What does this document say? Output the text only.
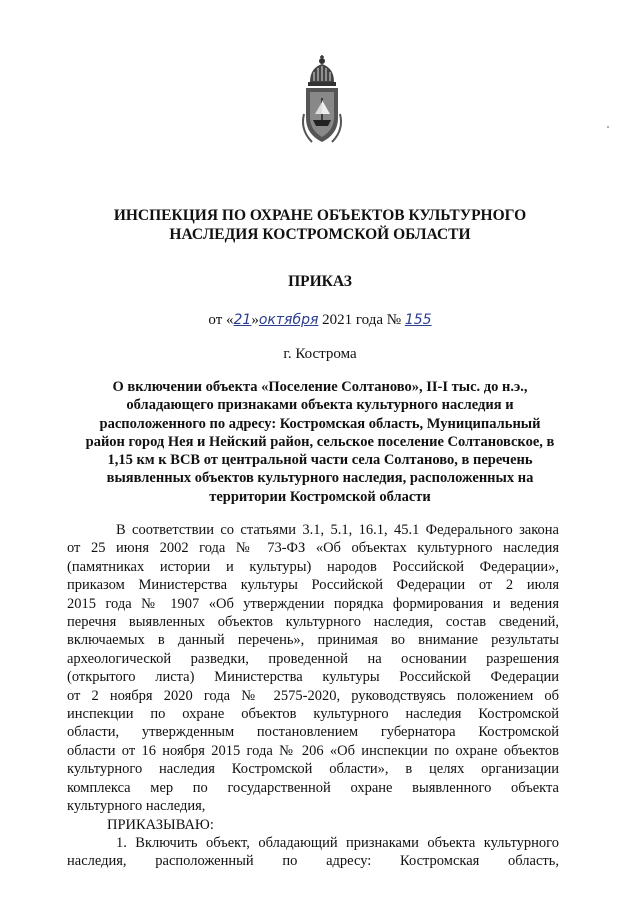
ИНСПЕКЦИЯ ПО ОХРАНЕ ОБЪЕКТОВ КУЛЬТУРНОГО
НАСЛЕДИЯ КОСТРОМСКОЙ ОБЛАСТИ
ПРИКАЗ
от «21»октября 2021 года № 155
г. Кострома
О включении объекта «Поселение Солтаново», II-I тыс. до н.э.,
обладающего признаками объекта культурного наследия и
расположенного по адресу: Костромская область, Муниципальный
район город Нея и Нейский район, сельское поселение Солтановское, в
1,15 км к ВСВ от центральной части села Солтаново, в перечень
выявленных объектов культурного наследия, расположенных на
территории Костромской области
В соответствии со статьями 3.1, 5.1, 16.1, 45.1 Федерального закона
от 25 июня 2002 года № 73-ФЗ «Об объектах культурного наследия
(памятниках истории и культуры) народов Российской Федерации»,
приказом Министерства культуры Российской Федерации от 2 июля
2015 года № 1907 «Об утверждении порядка формирования и ведения
перечня выявленных объектов культурного наследия, состав сведений,
включаемых в данный перечень», принимая во внимание результаты
археологической разведки, проведенной на основании разрешения
(открытого листа) Министерства культуры Российской Федерации
от 2 ноября 2020 года № 2575-2020, руководствуясь положением об
инспекции по охране объектов культурного наследия Костромской
области, утвержденным постановлением губернатора Костромской
области от 16 ноября 2015 года № 206 «Об инспекции по охране объектов
культурного наследия Костромской области», в целях организации
комплекса мер по государственной охране выявленного объекта
культурного наследия,
ПРИКАЗЫВАЮ:
1. Включить объект, обладающий признаками объекта культурного
наследия, расположенный по адресу: Костромская область,
